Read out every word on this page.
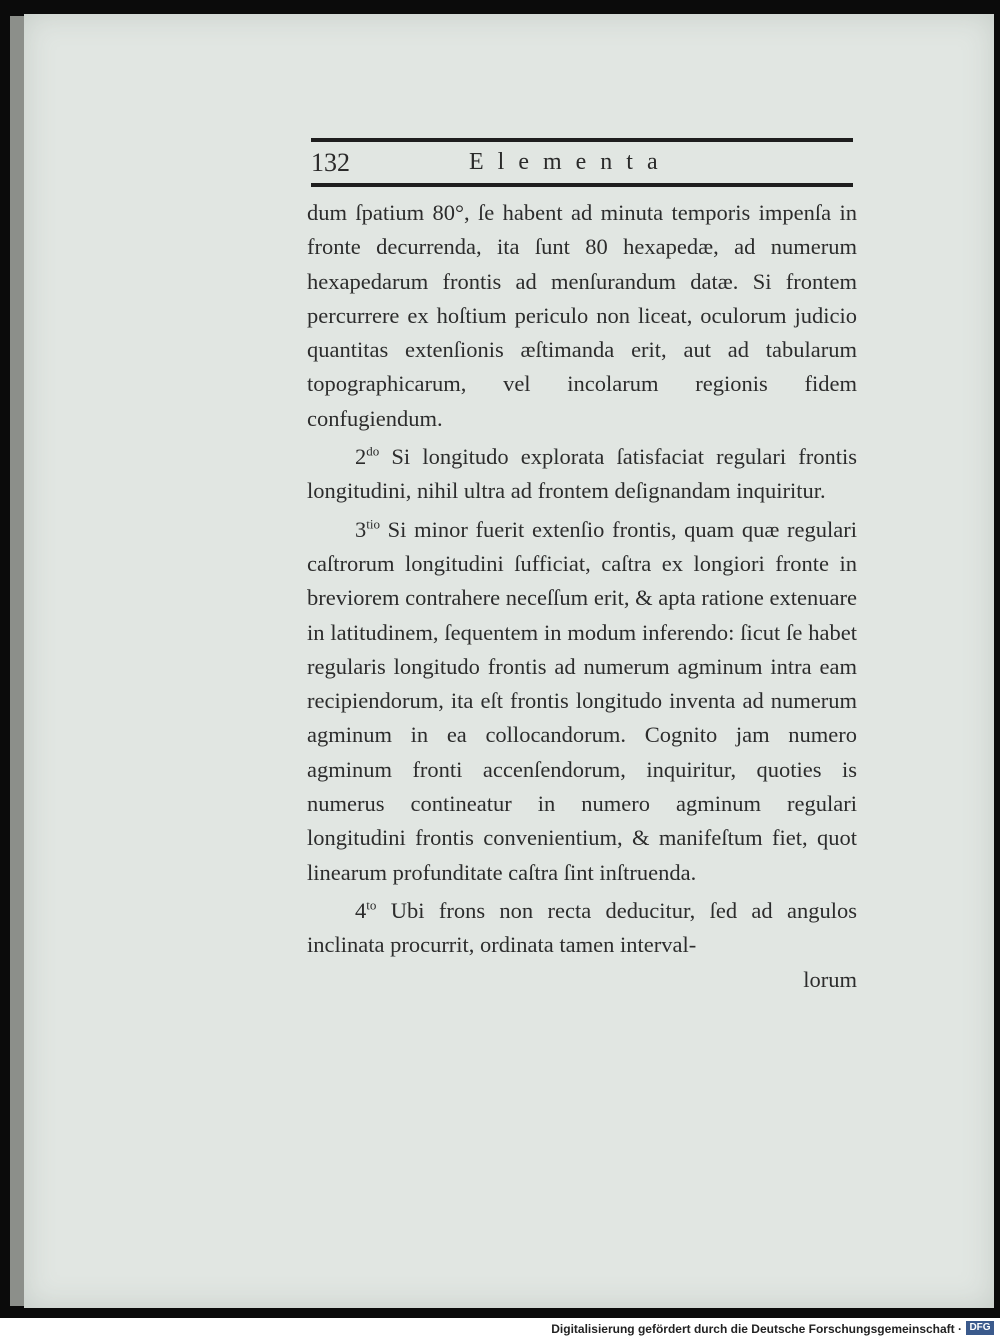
132	Elementa

dum ſpatium 80°, ſe habent ad minuta temporis impenſa in fronte decurrenda, ita ſunt 80 hexapedæ, ad numerum hexapedarum frontis ad menſurandum datæ. Si frontem percurrere ex hoſtium periculo non liceat, oculorum judicio quantitas extenſionis æſtimanda erit, aut ad tabularum topographicarum, vel incolarum regionis fidem confugiendum.

$2^{do}$ Si longitudo explorata ſatisfaciat regulari frontis longitudini, nihil ultra ad frontem deſignandam inquiritur.

$3^{tio}$ Si minor fuerit extenſio frontis, quam quæ regulari caſtrorum longitudini ſufficiat, caſtra ex longiori fronte in breviorem contrahere neceſſum erit, & apta ratione extenuare in latitudinem, ſequentem in modum inferendo: ſicut ſe habet regularis longitudo frontis ad numerum agminum intra eam recipiendorum, ita eſt frontis longitudo inventa ad numerum agminum in ea collocandorum. Cognito jam numero agminum fronti accenſendorum, inquiritur, quoties is numerus contineatur in numero agminum regulari longitudini frontis convenientium, & manifeſtum fiet, quot linearum profunditate caſtra ſint inſtruenda.

$4^{to}$ Ubi frons non recta deducitur, ſed ad angulos inclinata procurrit, ordinata tamen interval-

lorum

Digitalisierung gefördert durch die Deutsche Forschungsgemeinschaft · DFG
